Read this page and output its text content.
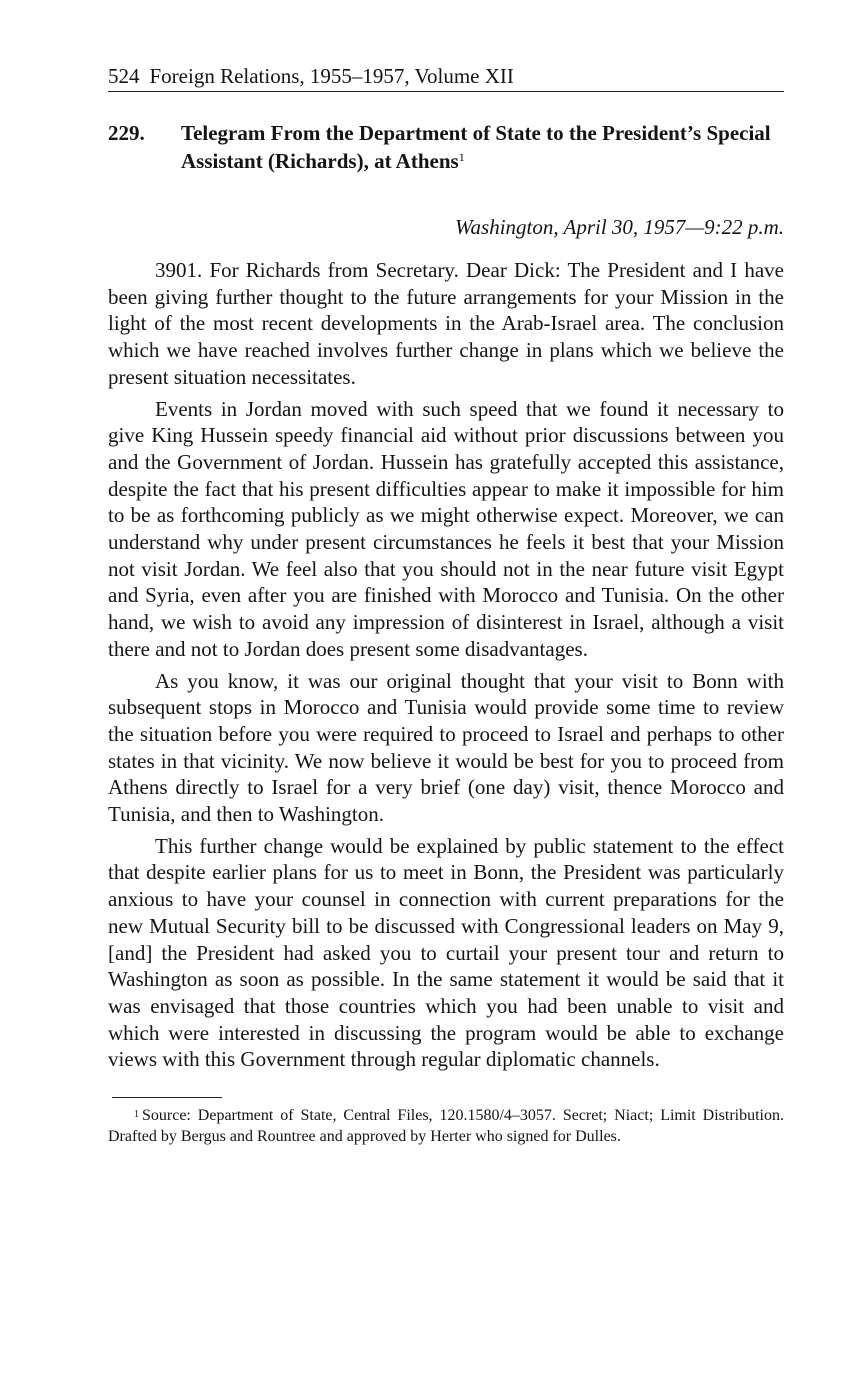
524 Foreign Relations, 1955–1957, Volume XII
229.	Telegram From the Department of State to the President’s Special Assistant (Richards), at Athens$^1$
Washington, April 30, 1957—9:22 p.m.

3901. For Richards from Secretary. Dear Dick: The President and I have been giving further thought to the future arrangements for your Mission in the light of the most recent developments in the Arab-Israel area. The conclusion which we have reached involves further change in plans which we believe the present situation necessitates.

Events in Jordan moved with such speed that we found it necessary to give King Hussein speedy financial aid without prior discussions between you and the Government of Jordan. Hussein has gratefully accepted this assistance, despite the fact that his present difficulties appear to make it impossible for him to be as forthcoming publicly as we might otherwise expect. Moreover, we can understand why under present circumstances he feels it best that your Mission not visit Jordan. We feel also that you should not in the near future visit Egypt and Syria, even after you are finished with Morocco and Tunisia. On the other hand, we wish to avoid any impression of disinterest in Israel, although a visit there and not to Jordan does present some disadvantages.

As you know, it was our original thought that your visit to Bonn with subsequent stops in Morocco and Tunisia would provide some time to review the situation before you were required to proceed to Israel and perhaps to other states in that vicinity. We now believe it would be best for you to proceed from Athens directly to Israel for a very brief (one day) visit, thence Morocco and Tunisia, and then to Washington.

This further change would be explained by public statement to the effect that despite earlier plans for us to meet in Bonn, the President was particularly anxious to have your counsel in connection with current preparations for the new Mutual Security bill to be discussed with Congressional leaders on May 9, [and] the President had asked you to curtail your present tour and return to Washington as soon as possible. In the same statement it would be said that it was envisaged that those countries which you had been unable to visit and which were interested in discussing the program would be able to exchange views with this Government through regular diplomatic channels.

$^1$ Source: Department of State, Central Files, 120.1580/4–3057. Secret; Niact; Limit Distribution. Drafted by Bergus and Rountree and approved by Herter who signed for Dulles.
